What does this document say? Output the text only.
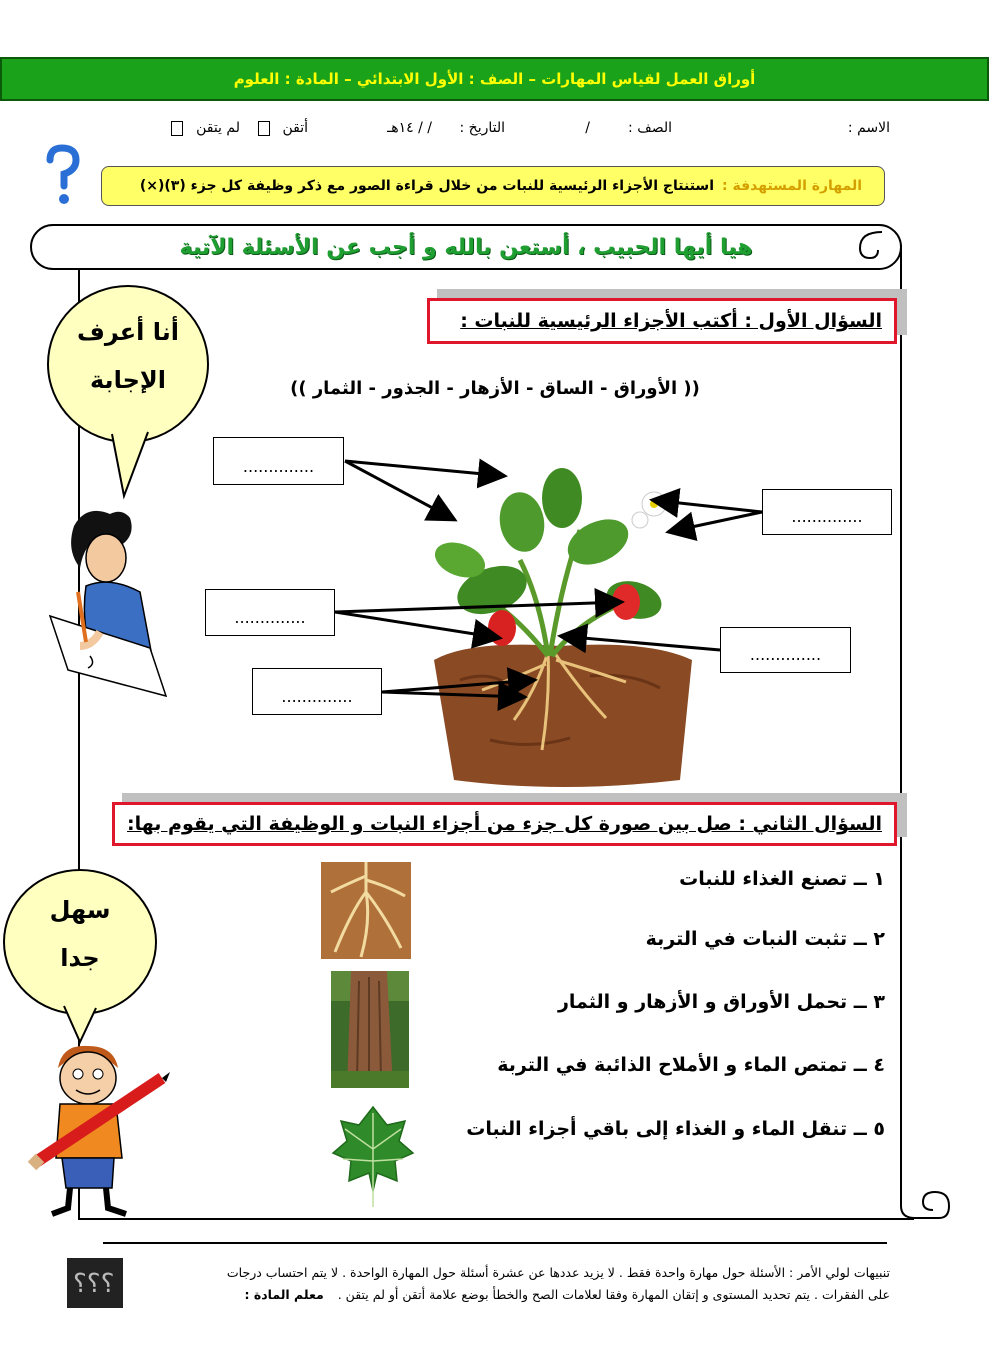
أوراق العمل لقياس المهارات – الصف : الأول الابتدائي – المادة : العلوم
الاسم :
الصف :
/
التاريخ :
/ / ١٤هـ
أتقن
لم يتقن
المهارة المستهدفة :
استنتاج الأجزاء الرئيسية للنبات من خلال قراءة الصور مع ذكر وظيفة كل جزء (٣)(×)
هيا أيها الحبيب ، أستعن بالله و أجب عن الأسئلة الآتية
أنا أعرف
الإجابة
السؤال الأول : أكتب الأجزاء الرئيسية للنبات :
(( الأوراق - الساق - الأزهار - الجذور - الثمار ))
..............
..............
..............
..............
..............
السؤال الثاني : صل بين صورة كل جزء من أجزاء النبات و الوظيفة التي يقوم بها:
١ ــ تصنع الغذاء للنبات
٢ ــ تثبت النبات في التربة
٣ ــ تحمل الأوراق و الأزهار و الثمار
٤ ــ تمتص الماء و الأملاح الذائبة في التربة
٥ ــ تنقل الماء و الغذاء إلى باقي أجزاء النبات
سهل
جدا
؟؟؟	تنبيهات لولي الأمر : الأسئلة حول مهارة واحدة فقط . لا يزيد عددها عن عشرة أسئلة حول المهارة الواحدة . لا يتم احتساب درجات
على الفقرات . يتم تحديد المستوى و إتقان المهارة وفقا لعلامات الصح والخطأ بوضع علامة أتقن أو لم يتقن . معلم المادة :
